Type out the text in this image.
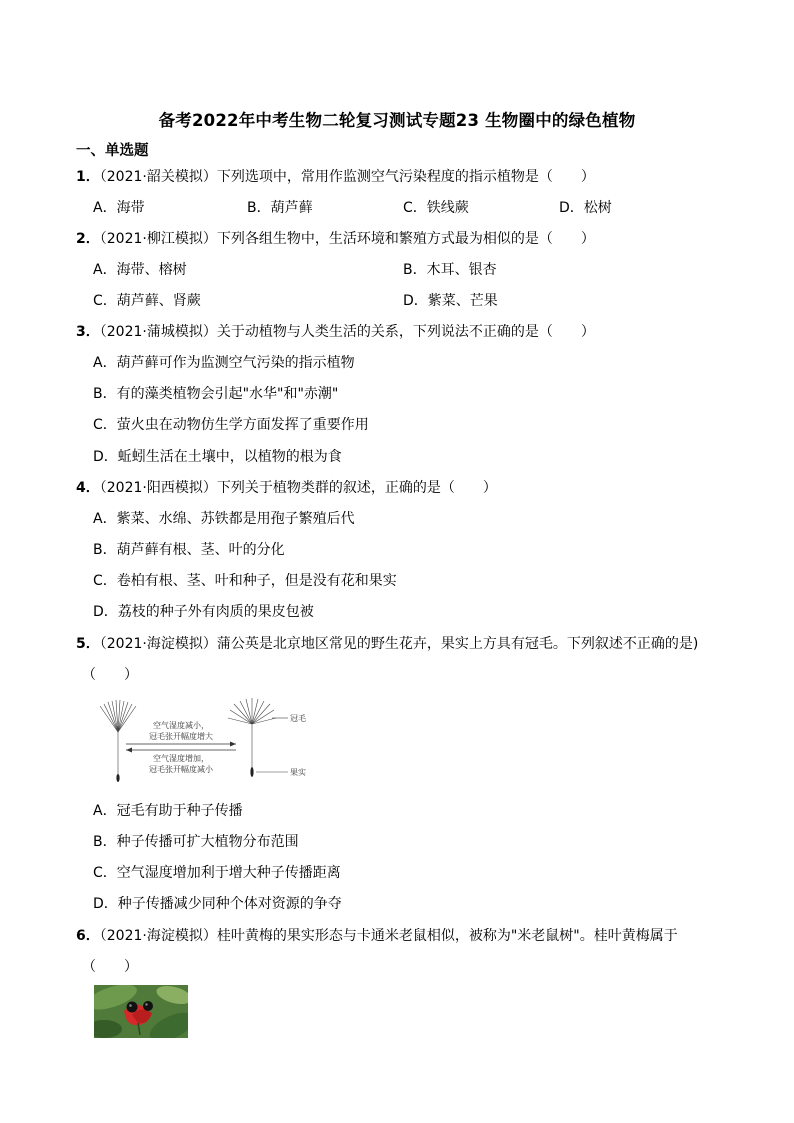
备考2022年中考生物二轮复习测试专题23 生物圈中的绿色植物
一、单选题
1．（2021·韶关模拟）下列选项中，常用作监测空气污染程度的指示植物是（　　）
A．海带	B．葫芦藓	C．铁线蕨	D．松树
2．（2021·柳江模拟）下列各组生物中，生活环境和繁殖方式最为相似的是（　　）
A．海带、榕树	B．木耳、银杏
C．葫芦藓、肾蕨	D．紫菜、芒果
3．（2021·蒲城模拟）关于动植物与人类生活的关系，下列说法不正确的是（　　）
A．葫芦藓可作为监测空气污染的指示植物
B．有的藻类植物会引起"水华"和"赤潮"
C．萤火虫在动物仿生学方面发挥了重要作用
D．蚯蚓生活在土壤中，以植物的根为食
4．（2021·阳西模拟）下列关于植物类群的叙述，正确的是（　　）
A．紫菜、水绵、苏铁都是用孢子繁殖后代
B．葫芦藓有根、茎、叶的分化
C．卷柏有根、茎、叶和种子，但是没有花和果实
D．荔枝的种子外有肉质的果皮包被
5．（2021·海淀模拟）蒲公英是北京地区常见的野生花卉，果实上方具有冠毛。下列叙述不正确的是)
（　　）
空气湿度减小，
冠毛张开幅度增大
空气湿度增加，
冠毛张开幅度减小
冠毛
果实
A．冠毛有助于种子传播
B．种子传播可扩大植物分布范围
C．空气湿度增加利于增大种子传播距离
D．种子传播减少同种个体对资源的争夺
6．（2021·海淀模拟）桂叶黄梅的果实形态与卡通米老鼠相似，被称为"米老鼠树"。桂叶黄梅属于
（　　）
